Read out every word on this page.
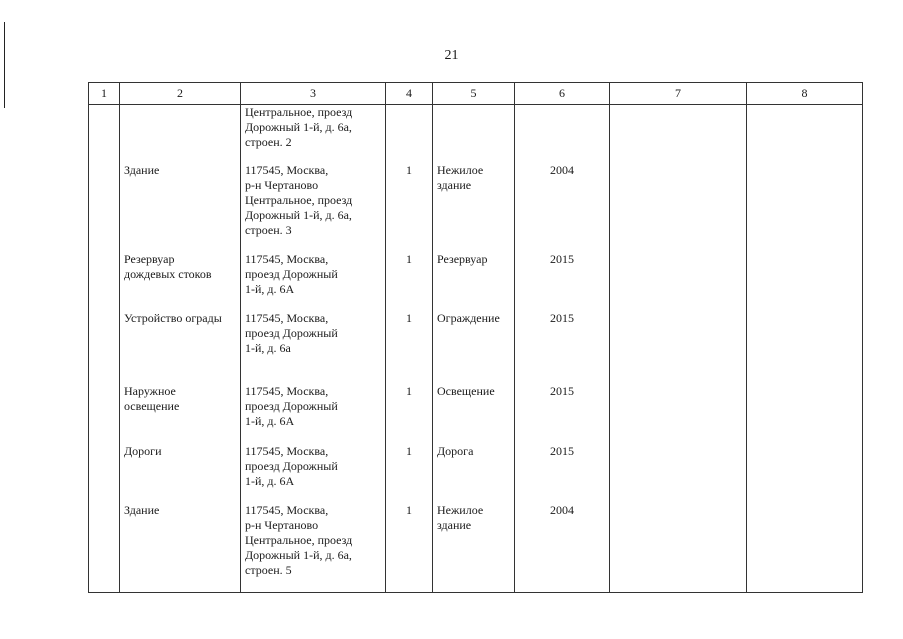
21
1	2	3	4	5	6	7	8
		Центральное, проезд
Дорожный 1-й, д. 6а,
строен. 2					
	Здание	117545, Москва,
р-н Чертаново
Центральное, проезд
Дорожный 1-й, д. 6а,
строен. 3	1	Нежилое
здание	2004		
	Резервуар
дождевых стоков	117545, Москва,
проезд Дорожный
1-й, д. 6А	1	Резервуар	2015		
	Устройство ограды	117545, Москва,
проезд Дорожный
1-й, д. 6а	1	Ограждение	2015		
	Наружное
освещение	117545, Москва,
проезд Дорожный
1-й, д. 6А	1	Освещение	2015		
	Дороги	117545, Москва,
проезд Дорожный
1-й, д. 6А	1	Дорога	2015		
	Здание	117545, Москва,
р-н Чертаново
Центральное, проезд
Дорожный 1-й, д. 6а,
строен. 5	1	Нежилое
здание	2004		
